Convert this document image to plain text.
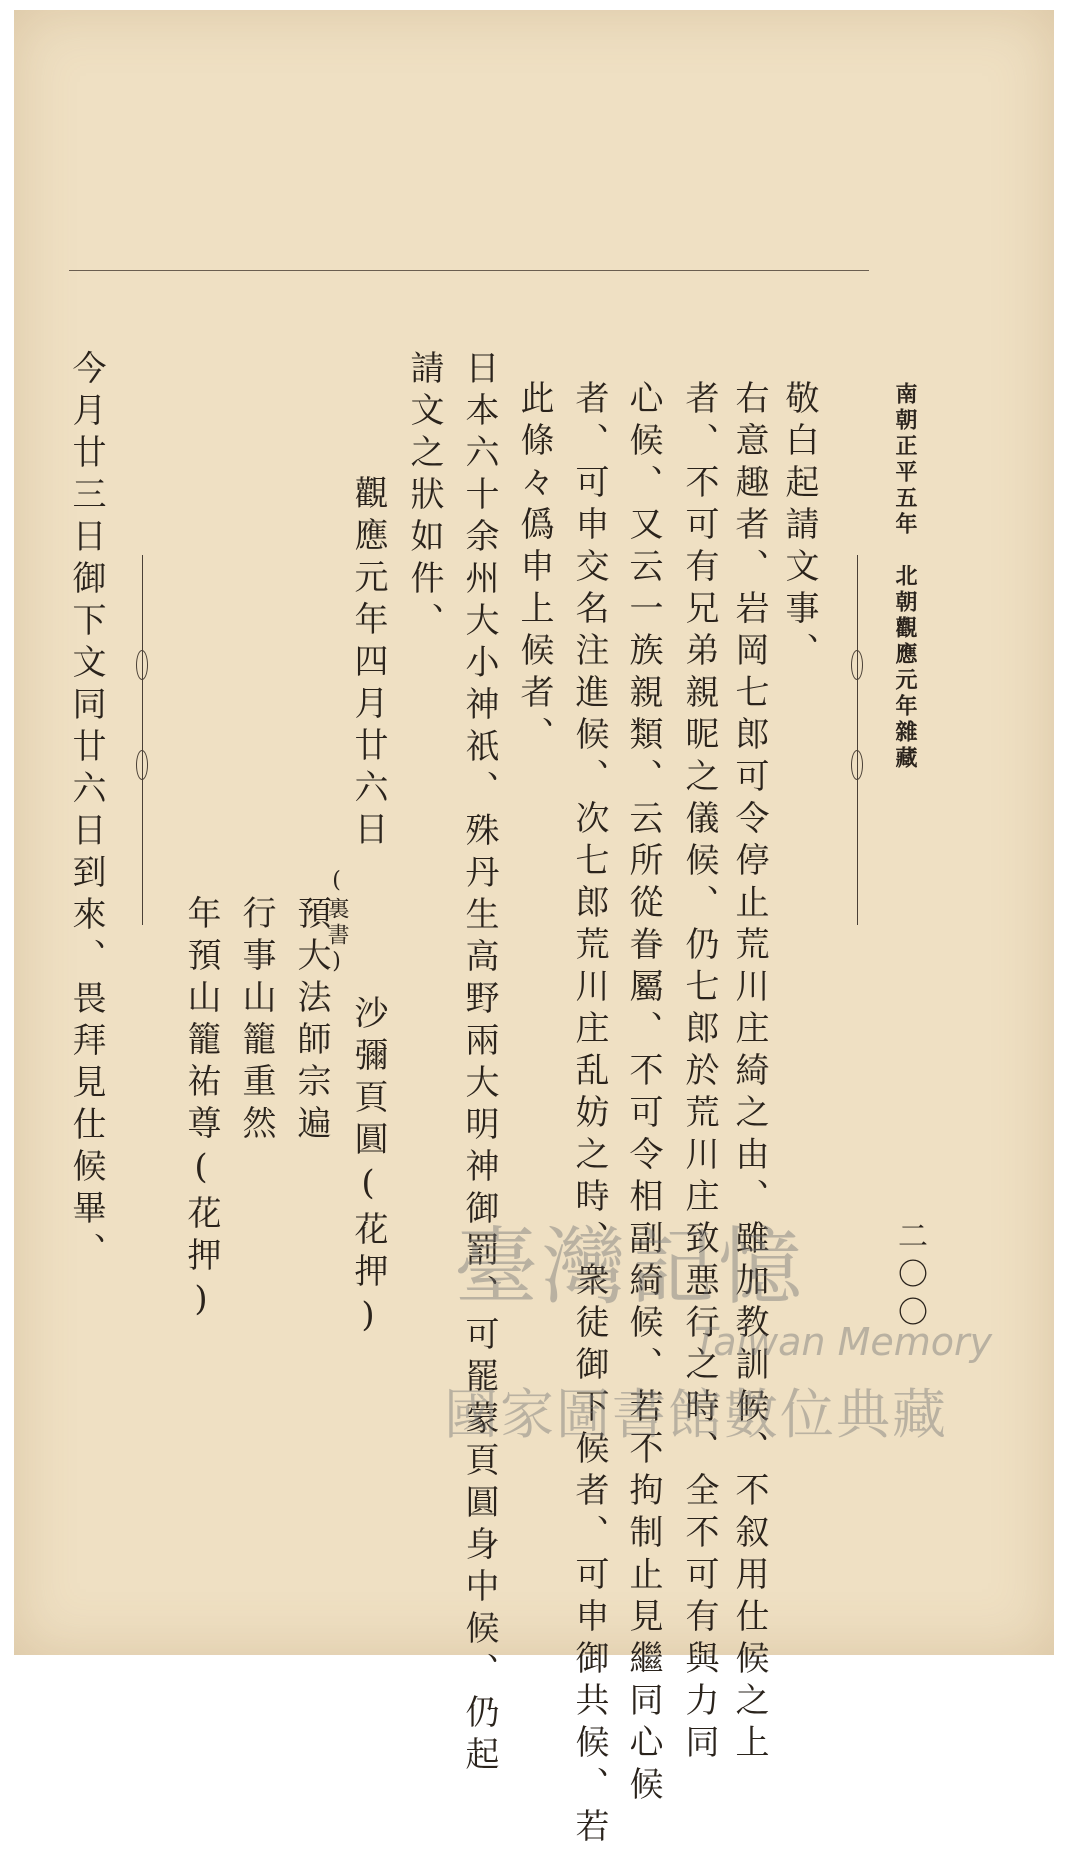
南朝正平五年　北朝觀應元年雜藏
敬白起請文事、
右意趣者、岩岡七郎可令停止荒川庄綺之由、雖加教訓候、不叙用仕候之上
者、不可有兄弟親昵之儀候、仍七郎於荒川庄致悪行之時、全不可有與力同
心候、又云一族親類、云所從眷屬、不可令相副綺候、若不拘制止見繼同心候
者、可申交名注進候、次七郎荒川庄乱妨之時、衆徒御下候者、可申御共候、若
此條々僞申上候者、
日本六十余州大小神祇、殊丹生高野兩大明神御罰、可罷蒙頁圓身中候、仍起
請文之狀如件、
觀應元年四月廿六日
沙彌頁圓(花押)
(裏書)
預大法師宗遍
行事山籠重然
年預山籠祐尊(花押)
今月廿三日御下文同廿六日到來、畏拜見仕候畢、
二〇〇
臺灣記憶
Taiwan Memory
國家圖書館數位典藏
